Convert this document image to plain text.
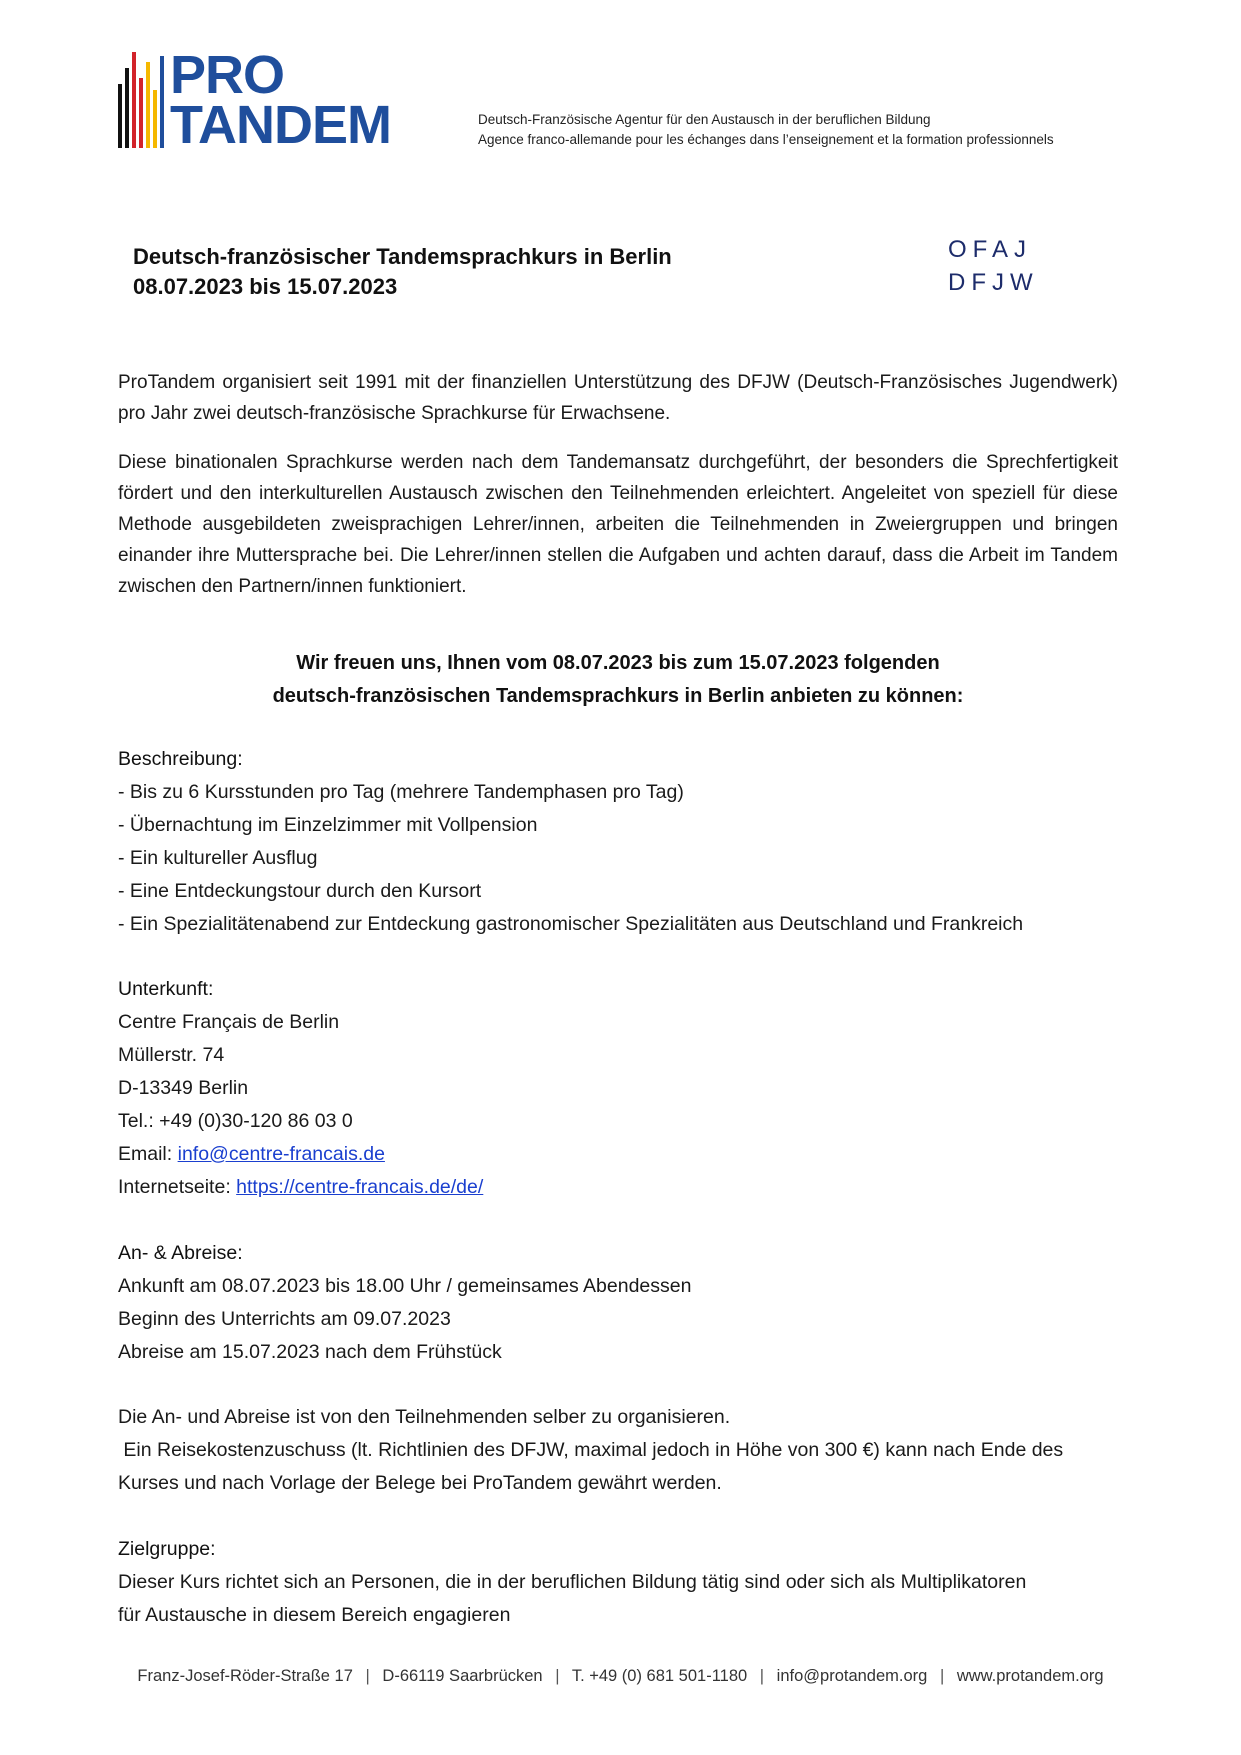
PRO
TANDEM	Deutsch-Französische Agentur für den Austausch in der beruflichen Bildung
Agence franco-allemande pour les échanges dans l’enseignement et la formation professionnels
Deutsch-französischer Tandemsprachkurs in Berlin
08.07.2023 bis 15.07.2023
OFAJ
DFJW
ProTandem organisiert seit 1991 mit der finanziellen Unterstützung des DFJW (Deutsch-Französisches Jugendwerk) pro Jahr zwei deutsch-französische Sprachkurse für Erwachsene.
Diese binationalen Sprachkurse werden nach dem Tandemansatz durchgeführt, der besonders die Sprechfertigkeit fördert und den interkulturellen Austausch zwischen den Teilnehmenden erleichtert. Angeleitet von speziell für diese Methode ausgebildeten zweisprachigen Lehrer/innen, arbeiten die Teilnehmenden in Zweiergruppen und bringen einander ihre Muttersprache bei. Die Lehrer/innen stellen die Aufgaben und achten darauf, dass die Arbeit im Tandem zwischen den Partnern/innen funktioniert.
Wir freuen uns, Ihnen vom 08.07.2023 bis zum 15.07.2023 folgenden
deutsch-französischen Tandemsprachkurs in Berlin anbieten zu können:
Beschreibung:
- Bis zu 6 Kursstunden pro Tag (mehrere Tandemphasen pro Tag)
- Übernachtung im Einzelzimmer mit Vollpension
- Ein kultureller Ausflug
- Eine Entdeckungstour durch den Kursort
- Ein Spezialitätenabend zur Entdeckung gastronomischer Spezialitäten aus Deutschland und Frankreich
Unterkunft:
Centre Français de Berlin
Müllerstr. 74
D-13349 Berlin
Tel.: +49 (0)30-120 86 03 0
Email: info@centre-francais.de
Internetseite: https://centre-francais.de/de/
An- & Abreise:
Ankunft am 08.07.2023 bis 18.00 Uhr / gemeinsames Abendessen
Beginn des Unterrichts am 09.07.2023
Abreise am 15.07.2023 nach dem Frühstück
Die An- und Abreise ist von den Teilnehmenden selber zu organisieren.
Ein Reisekostenzuschuss (lt. Richtlinien des DFJW, maximal jedoch in Höhe von 300 €) kann nach Ende des
Kurses und nach Vorlage der Belege bei ProTandem gewährt werden.
Zielgruppe:
Dieser Kurs richtet sich an Personen, die in der beruflichen Bildung tätig sind oder sich als Multiplikatoren
für Austausche in diesem Bereich engagieren
Franz-Josef-Röder-Straße 17 | D-66119 Saarbrücken | T. +49 (0) 681 501-1180 | info@protandem.org | www.protandem.org
